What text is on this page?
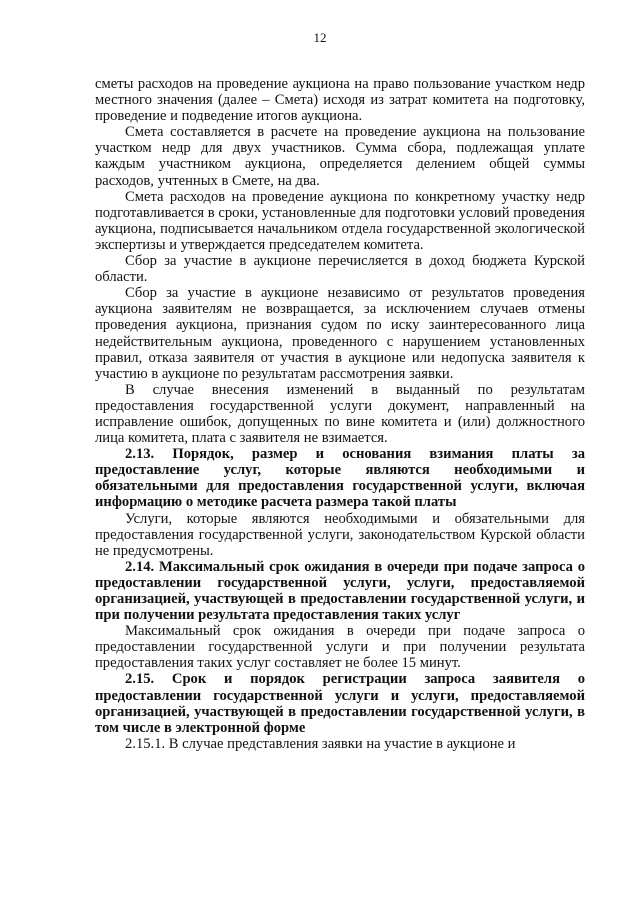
12

сметы расходов на проведение аукциона на право пользование участком недр местного значения (далее – Смета) исходя из затрат комитета на подготовку, проведение и подведение итогов аукциона.

Смета составляется в расчете на проведение аукциона на пользование участком недр для двух участников. Сумма сбора, подлежащая уплате каждым участником аукциона, определяется делением общей суммы расходов, учтенных в Смете, на два.

Смета расходов на проведение аукциона по конкретному участку недр подготавливается в сроки, установленные для подготовки условий проведения аукциона, подписывается начальником отдела государственной экологической экспертизы и утверждается председателем комитета.

Сбор за участие в аукционе перечисляется в доход бюджета Курской области.

Сбор за участие в аукционе независимо от результатов проведения аукциона заявителям не возвращается, за исключением случаев отмены проведения аукциона, признания судом по иску заинтересованного лица недействительным аукциона, проведенного с нарушением установленных правил, отказа заявителя от участия в аукционе или недопуска заявителя к участию в аукционе по результатам рассмотрения заявки.

В случае внесения изменений в выданный по результатам предоставления государственной услуги документ, направленный на исправление ошибок, допущенных по вине комитета и (или) должностного лица комитета, плата с заявителя не взимается.

2.13. Порядок, размер и основания взимания платы за предоставление услуг, которые являются необходимыми и обязательными для предоставления государственной услуги, включая информацию о методике расчета размера такой платы

Услуги, которые являются необходимыми и обязательными для предоставления государственной услуги, законодательством Курской области не предусмотрены.

2.14. Максимальный срок ожидания в очереди при подаче запроса о предоставлении государственной услуги, услуги, предоставляемой организацией, участвующей в предоставлении государственной услуги, и при получении результата предоставления таких услуг

Максимальный срок ожидания в очереди при подаче запроса о предоставлении государственной услуги и при получении результата предоставления таких услуг составляет не более 15 минут.

2.15. Срок и порядок регистрации запроса заявителя о предоставлении государственной услуги и услуги, предоставляемой организацией, участвующей в предоставлении государственной услуги, в том числе в электронной форме

2.15.1. В случае представления заявки на участие в аукционе и
